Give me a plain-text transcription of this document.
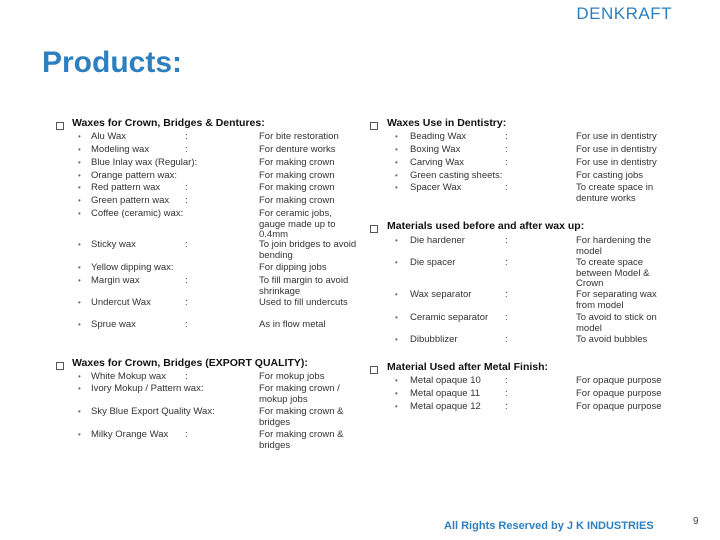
DENKRAFT
Products:
Waxes for Crown, Bridges & Dentures:
• Alu Wax	:	For bite restoration
• Modeling wax	:	For denture works
• Blue Inlay wax (Regular):	For making crown
• Orange pattern wax:	For making crown
• Red pattern wax	:	For making crown
• Green pattern wax :	For making crown
• Coffee (ceramic) wax:	For ceramic jobs, gauge made up to 0.4mm
• Sticky wax	:	To join bridges to avoid bending
• Yellow dipping wax:	For dipping jobs
• Margin wax	:	To fill margin to avoid shrinkage
• Undercut Wax	:	Used to fill undercuts
• Sprue wax	:	As in flow metal
Waxes for Crown, Bridges (EXPORT QUALITY):
• White Mokup wax :	For mokup jobs
• Ivory Mokup / Pattern wax:	For making crown / mokup jobs
• Sky Blue Export Quality Wax:	For making crown & bridges
• Milky Orange Wax :	For making crown & bridges
Waxes Use in Dentistry:
• Beading Wax	:	For use in dentistry
• Boxing Wax	:	For use in dentistry
• Carving Wax	:	For use in dentistry
• Green casting sheets:	For casting jobs
• Spacer Wax	:	To create space in denture works
Materials used before and after wax up:
• Die hardener	:	For hardening the model
• Die spacer	:	To create space between Model & Crown
• Wax separator	:	For separating wax from model
• Ceramic separator :	To avoid to stick on model
• Dibubblizer	:	To avoid bubbles
Material Used after Metal Finish:
• Metal opaque 10	:	For opaque purpose
• Metal opaque 11	:	For opaque purpose
• Metal opaque 12	:	For opaque purpose
All Rights Reserved by J K INDUSTRIES	9
